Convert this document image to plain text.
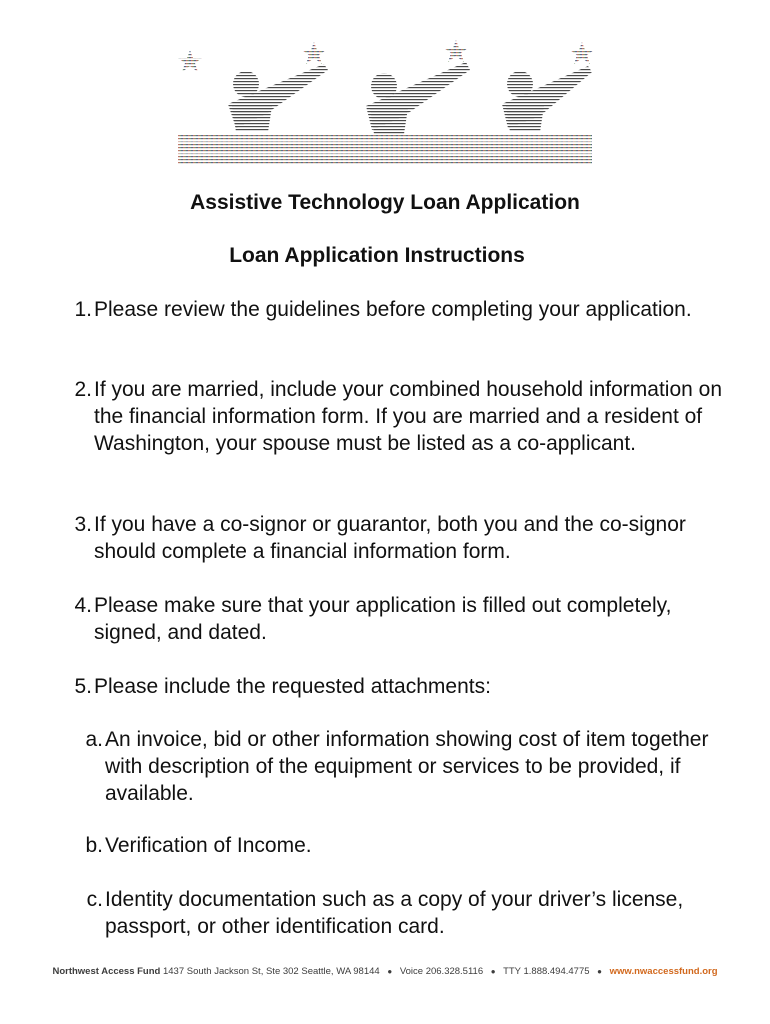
Assistive Technology Loan Application
Loan Application Instructions
1. Please review the guidelines before completing your application.
2. If you are married, include your combined household information on the financial information form. If you are married and a resident of Washington, your spouse must be listed as a co-applicant.
3. If you have a co-signor or guarantor, both you and the co-signor should complete a financial information form.
4. Please make sure that your application is filled out completely, signed, and dated.
5. Please include the requested attachments:
a. An invoice, bid or other information showing cost of item together with description of the equipment or services to be provided, if available.
b. Verification of Income.
c. Identity documentation such as a copy of your driver’s license, passport, or other identification card.
Northwest Access Fund 1437 South Jackson St, Ste 302 Seattle, WA 98144 ● Voice 206.328.5116 ● TTY 1.888.494.4775 ● www.nwaccessfund.org
